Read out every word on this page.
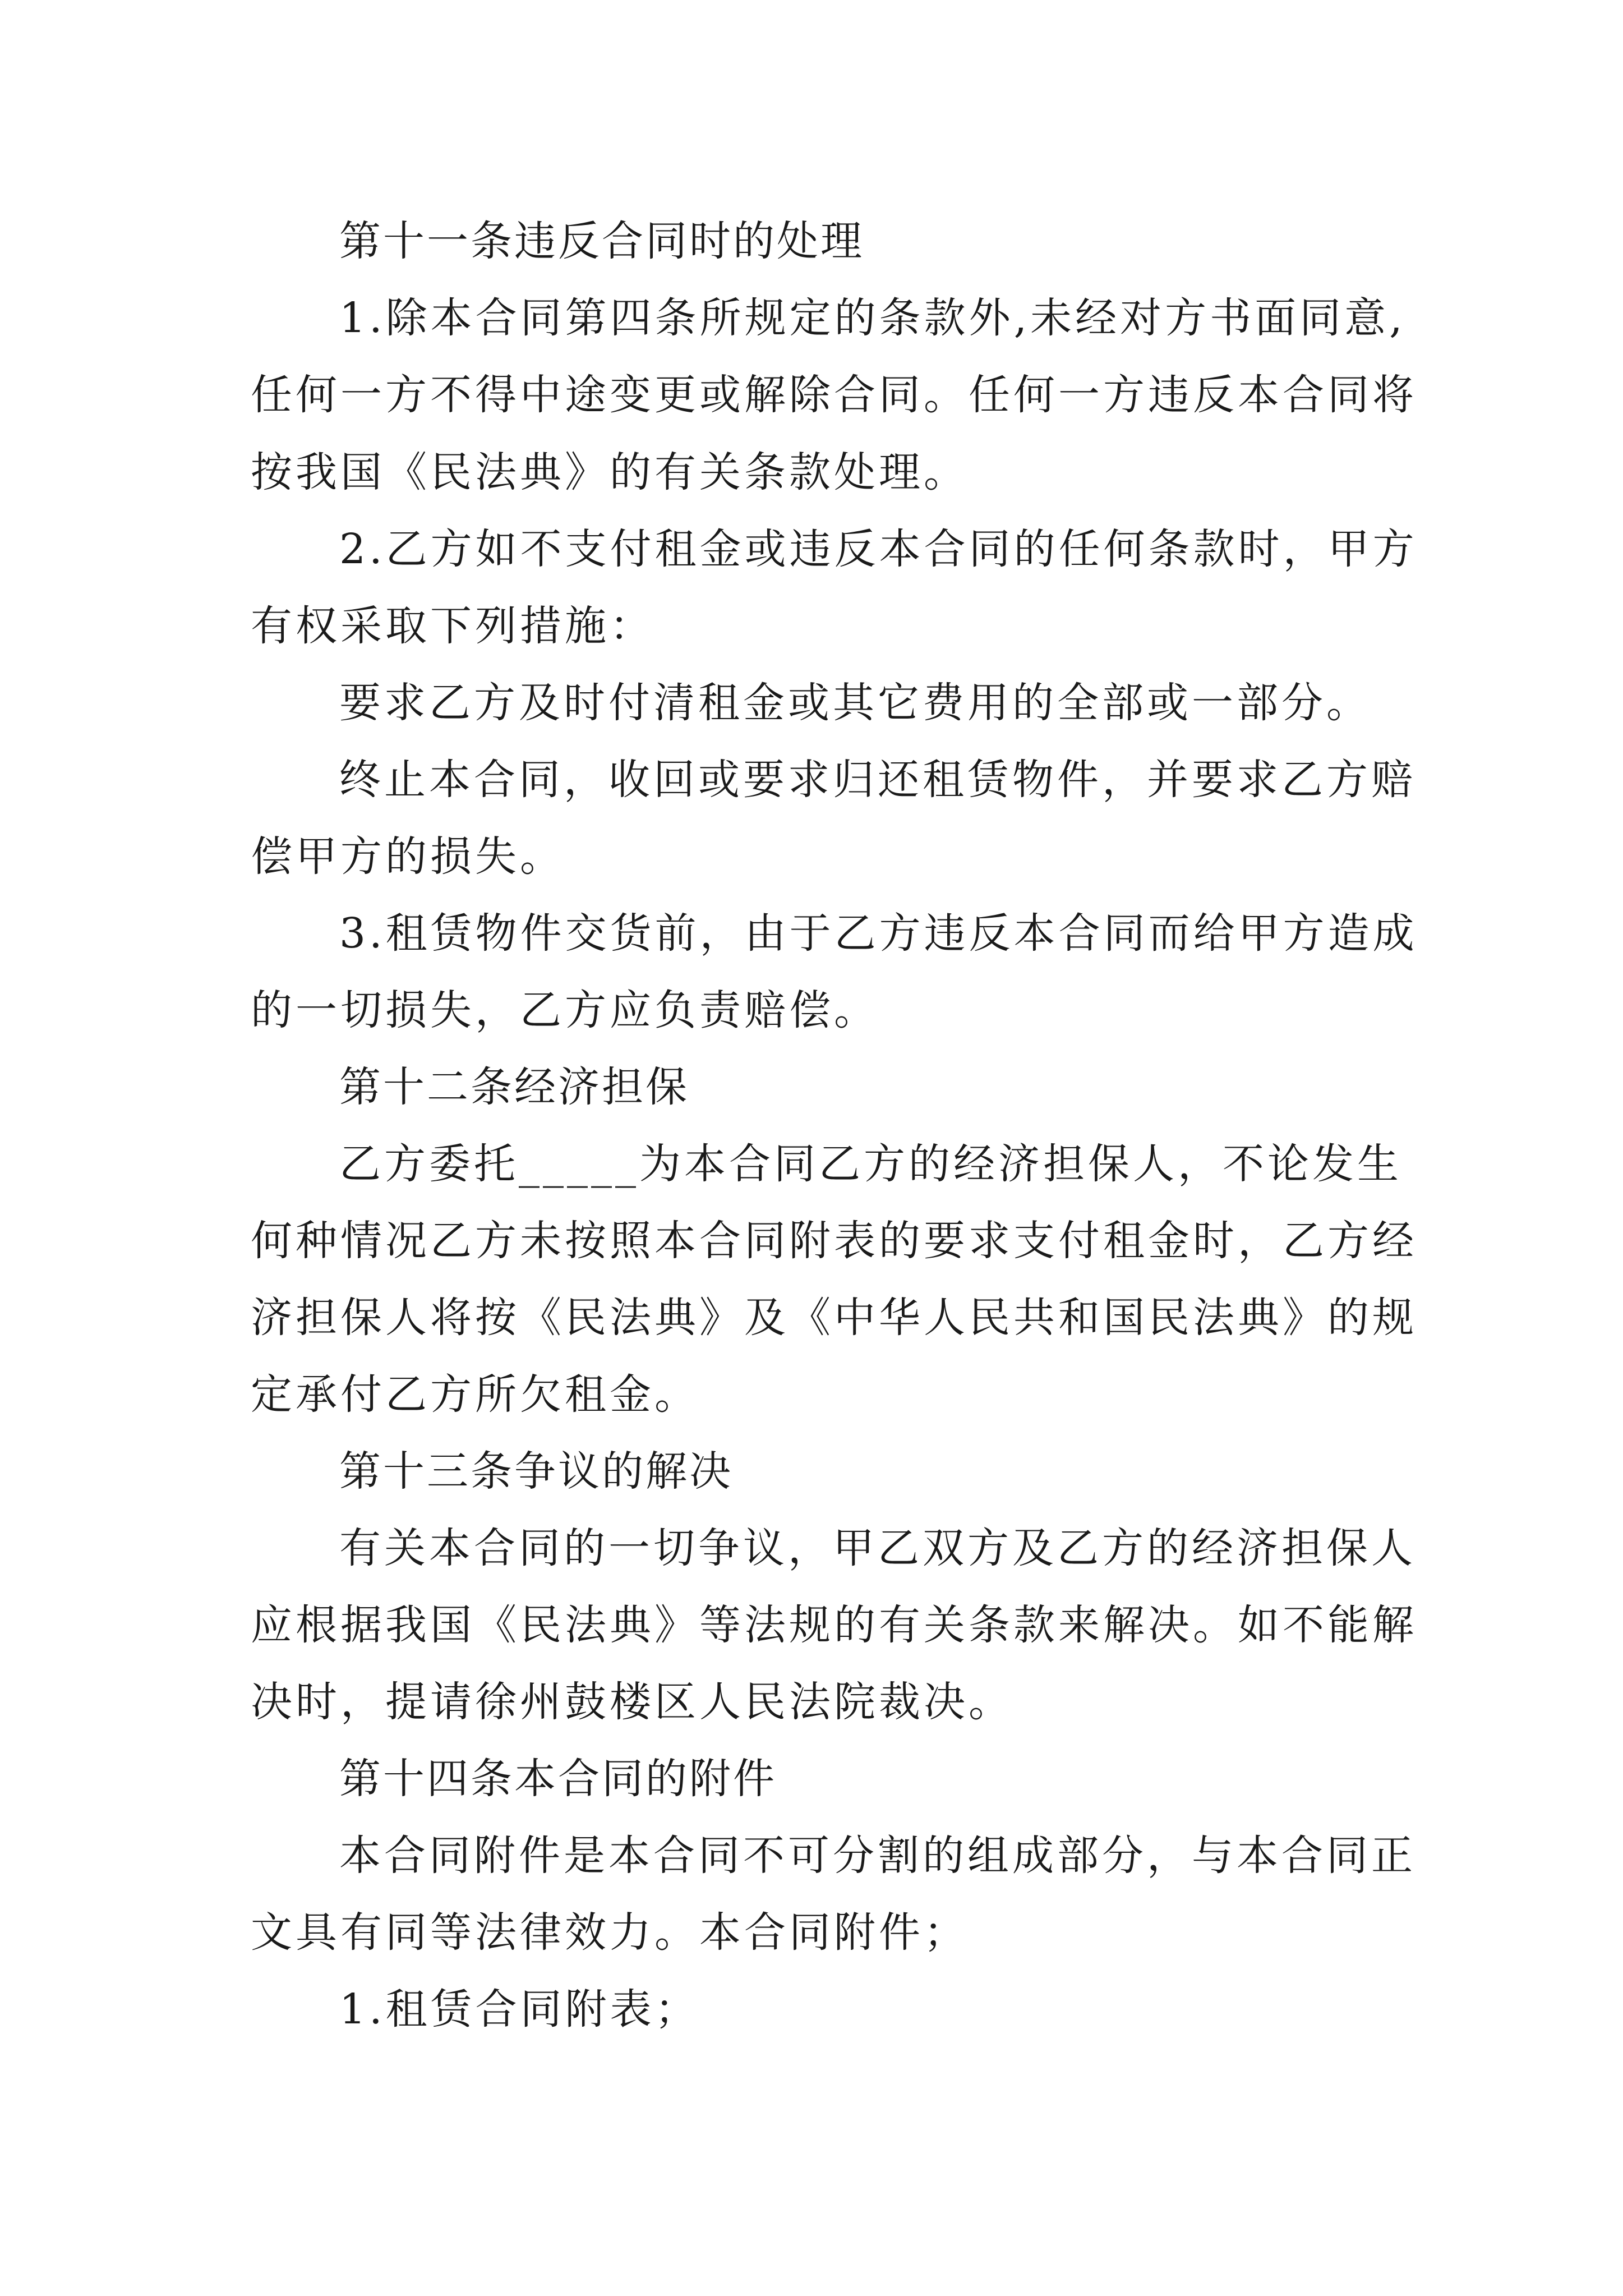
第十一条违反合同时的处理
1.除本合同第四条所规定的条款外,未经对方书面同意,
任何一方不得中途变更或解除合同。任何一方违反本合同将
按我国《民法典》的有关条款处理。
2.乙方如不支付租金或违反本合同的任何条款时，甲方
有权采取下列措施：
要求乙方及时付清租金或其它费用的全部或一部分。
终止本合同，收回或要求归还租赁物件，并要求乙方赔
偿甲方的损失。
3.租赁物件交货前，由于乙方违反本合同而给甲方造成
的一切损失，乙方应负责赔偿。
第十二条经济担保
乙方委托_____为本合同乙方的经济担保人，不论发生
何种情况乙方未按照本合同附表的要求支付租金时，乙方经
济担保人将按《民法典》及《中华人民共和国民法典》的规
定承付乙方所欠租金。
第十三条争议的解决
有关本合同的一切争议，甲乙双方及乙方的经济担保人
应根据我国《民法典》等法规的有关条款来解决。如不能解
决时，提请徐州鼓楼区人民法院裁决。
第十四条本合同的附件
本合同附件是本合同不可分割的组成部分，与本合同正
文具有同等法律效力。本合同附件；
1.租赁合同附表；
